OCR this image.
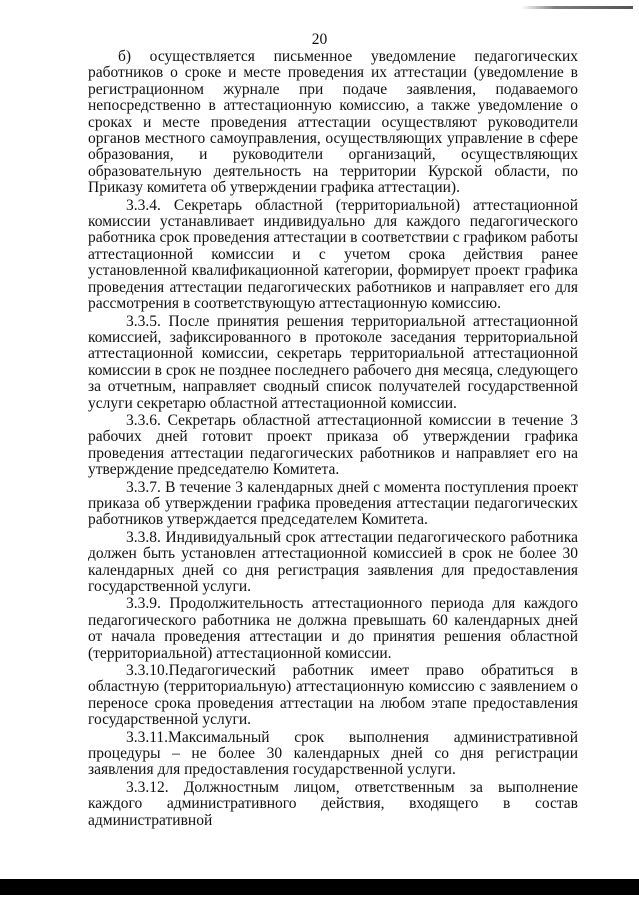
20

б) осуществляется письменное уведомление педагогических работников о сроке и месте проведения их аттестации (уведомление в регистрационном журнале при подаче заявления, подаваемого непосредственно в аттестационную комиссию, а также уведомление о сроках и месте проведения аттестации осуществляют руководители органов местного самоуправления, осуществляющих управление в сфере образования, и руководители организаций, осуществляющих образовательную деятельность на территории Курской области, по Приказу комитета об утверждении графика аттестации).

3.3.4. Секретарь областной (территориальной) аттестационной комиссии устанавливает индивидуально для каждого педагогического работника срок проведения аттестации в соответствии с графиком работы аттестационной комиссии и с учетом срока действия ранее установленной квалификационной категории, формирует проект графика проведения аттестации педагогических работников и направляет его для рассмотрения в соответствующую аттестационную комиссию.

3.3.5. После принятия решения территориальной аттестационной комиссией, зафиксированного в протоколе заседания территориальной аттестационной комиссии, секретарь территориальной аттестационной комиссии в срок не позднее последнего рабочего дня месяца, следующего за отчетным, направляет сводный список получателей государственной услуги секретарю областной аттестационной комиссии.

3.3.6. Секретарь областной аттестационной комиссии в течение 3 рабочих дней готовит проект приказа об утверждении графика проведения аттестации педагогических работников и направляет его на утверждение председателю Комитета.

3.3.7. В течение 3 календарных дней с момента поступления проект приказа об утверждении графика проведения аттестации педагогических работников утверждается председателем Комитета.

3.3.8. Индивидуальный срок аттестации педагогического работника должен быть установлен аттестационной комиссией в срок не более 30 календарных дней со дня регистрация заявления для предоставления государственной услуги.

3.3.9. Продолжительность аттестационного периода для каждого педагогического работника не должна превышать 60 календарных дней от начала проведения аттестации и до принятия решения областной (территориальной) аттестационной комиссии.

3.3.10.Педагогический работник имеет право обратиться в областную (территориальную) аттестационную комиссию с заявлением о переносе срока проведения аттестации на любом этапе предоставления государственной услуги.

3.3.11.Максимальный срок выполнения административной процедуры – не более 30 календарных дней со дня регистрации заявления для предоставления государственной услуги.

3.3.12. Должностным лицом, ответственным за выполнение каждого административного действия, входящего в состав административной
